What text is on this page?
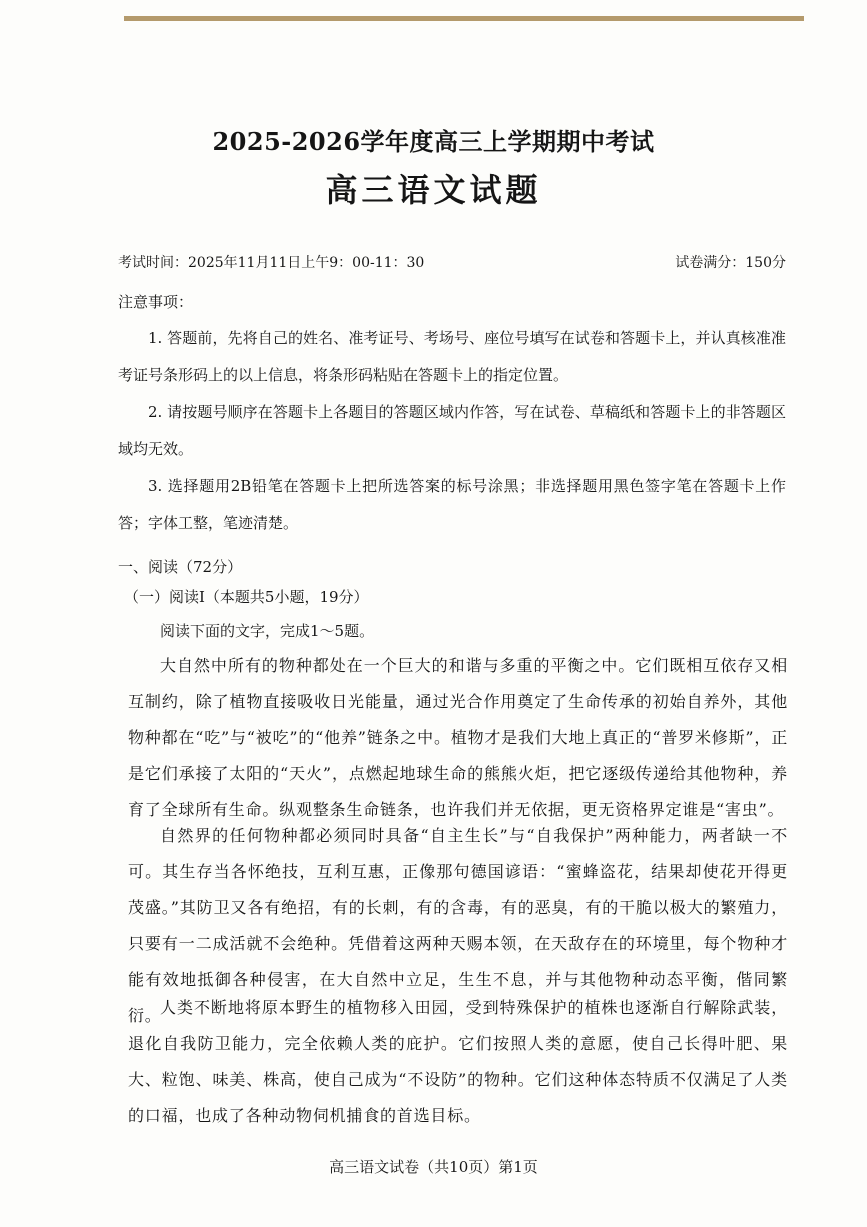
2025-2026学年度高三上学期期中考试
高三语文试题
考试时间：2025年11月11日上午9：00-11：30	试卷满分：150分
注意事项：
1. 答题前，先将自己的姓名、准考证号、考场号、座位号填写在试卷和答题卡上，并认真核准准考证号条形码上的以上信息，将条形码粘贴在答题卡上的指定位置。
2. 请按题号顺序在答题卡上各题目的答题区域内作答，写在试卷、草稿纸和答题卡上的非答题区域均无效。
3. 选择题用2B铅笔在答题卡上把所选答案的标号涂黑；非选择题用黑色签字笔在答题卡上作答；字体工整，笔迹清楚。
一、阅读（72分）
（一）阅读Ⅰ（本题共5小题，19分）
阅读下面的文字，完成1～5题。
大自然中所有的物种都处在一个巨大的和谐与多重的平衡之中。它们既相互依存又相互制约，除了植物直接吸收日光能量，通过光合作用奠定了生命传承的初始自养外，其他物种都在“吃”与“被吃”的“他养”链条之中。植物才是我们大地上真正的“普罗米修斯”，正是它们承接了太阳的“天火”，点燃起地球生命的熊熊火炬，把它逐级传递给其他物种，养育了全球所有生命。纵观整条生命链条，也许我们并无依据，更无资格界定谁是“害虫”。
自然界的任何物种都必须同时具备“自主生长”与“自我保护”两种能力，两者缺一不可。其生存当各怀绝技，互利互惠，正像那句德国谚语：“蜜蜂盗花，结果却使花开得更茂盛。”其防卫又各有绝招，有的长刺，有的含毒，有的恶臭，有的干脆以极大的繁殖力，只要有一二成活就不会绝种。凭借着这两种天赐本领，在天敌存在的环境里，每个物种才能有效地抵御各种侵害，在大自然中立足，生生不息，并与其他物种动态平衡，偕同繁衍。
人类不断地将原本野生的植物移入田园，受到特殊保护的植株也逐渐自行解除武装，退化自我防卫能力，完全依赖人类的庇护。它们按照人类的意愿，使自己长得叶肥、果大、粒饱、味美、株高，使自己成为“不设防”的物种。它们这种体态特质不仅满足了人类的口福，也成了各种动物伺机捕食的首选目标。
高三语文试卷（共10页）第1页
